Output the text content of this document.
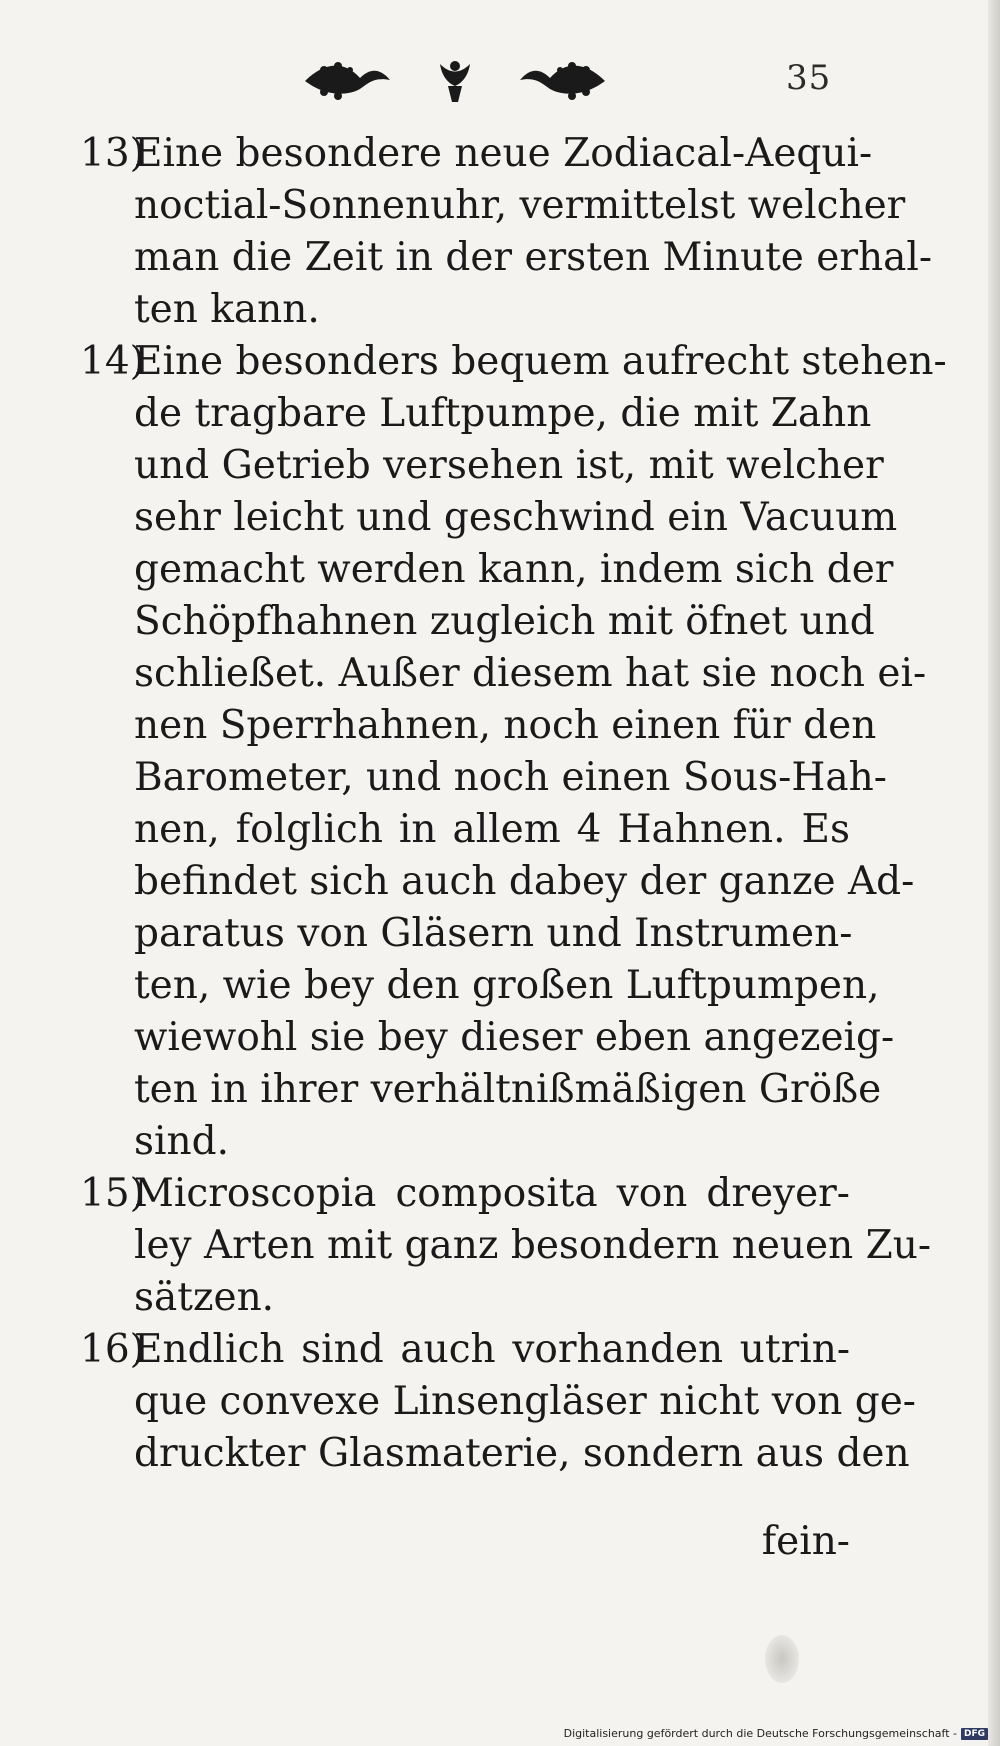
35
13)Eine besondere neue Zodiacal-Aequi-
noctial-Sonnenuhr, vermittelst welcher
man die Zeit in der ersten Minute erhal-
ten kann.
14)Eine besonders bequem aufrecht stehen-
de tragbare Luftpumpe, die mit Zahn
und Getrieb versehen ist, mit welcher
sehr leicht und geschwind ein Vacuum
gemacht werden kann, indem sich der
Schöpfhahnen zugleich mit öfnet und
schließet. Außer diesem hat sie noch ei-
nen Sperrhahnen, noch einen für den
Barometer, und noch einen Sous-Hah-
nen, folglich in allem 4 Hahnen. Es
befindet sich auch dabey der ganze Ad-
paratus von Gläsern und Instrumen-
ten, wie bey den großen Luftpumpen,
wiewohl sie bey dieser eben angezeig-
ten in ihrer verhältnißmäßigen Größe
sind.
15)Microscopia composita von dreyer-
ley Arten mit ganz besondern neuen Zu-
sätzen.
16)Endlich sind auch vorhanden utrin-
que convexe Linsengläser nicht von ge-
druckter Glasmaterie, sondern aus den
fein-
Digitalisierung gefördert durch die Deutsche Forschungsgemeinschaft - DFG
